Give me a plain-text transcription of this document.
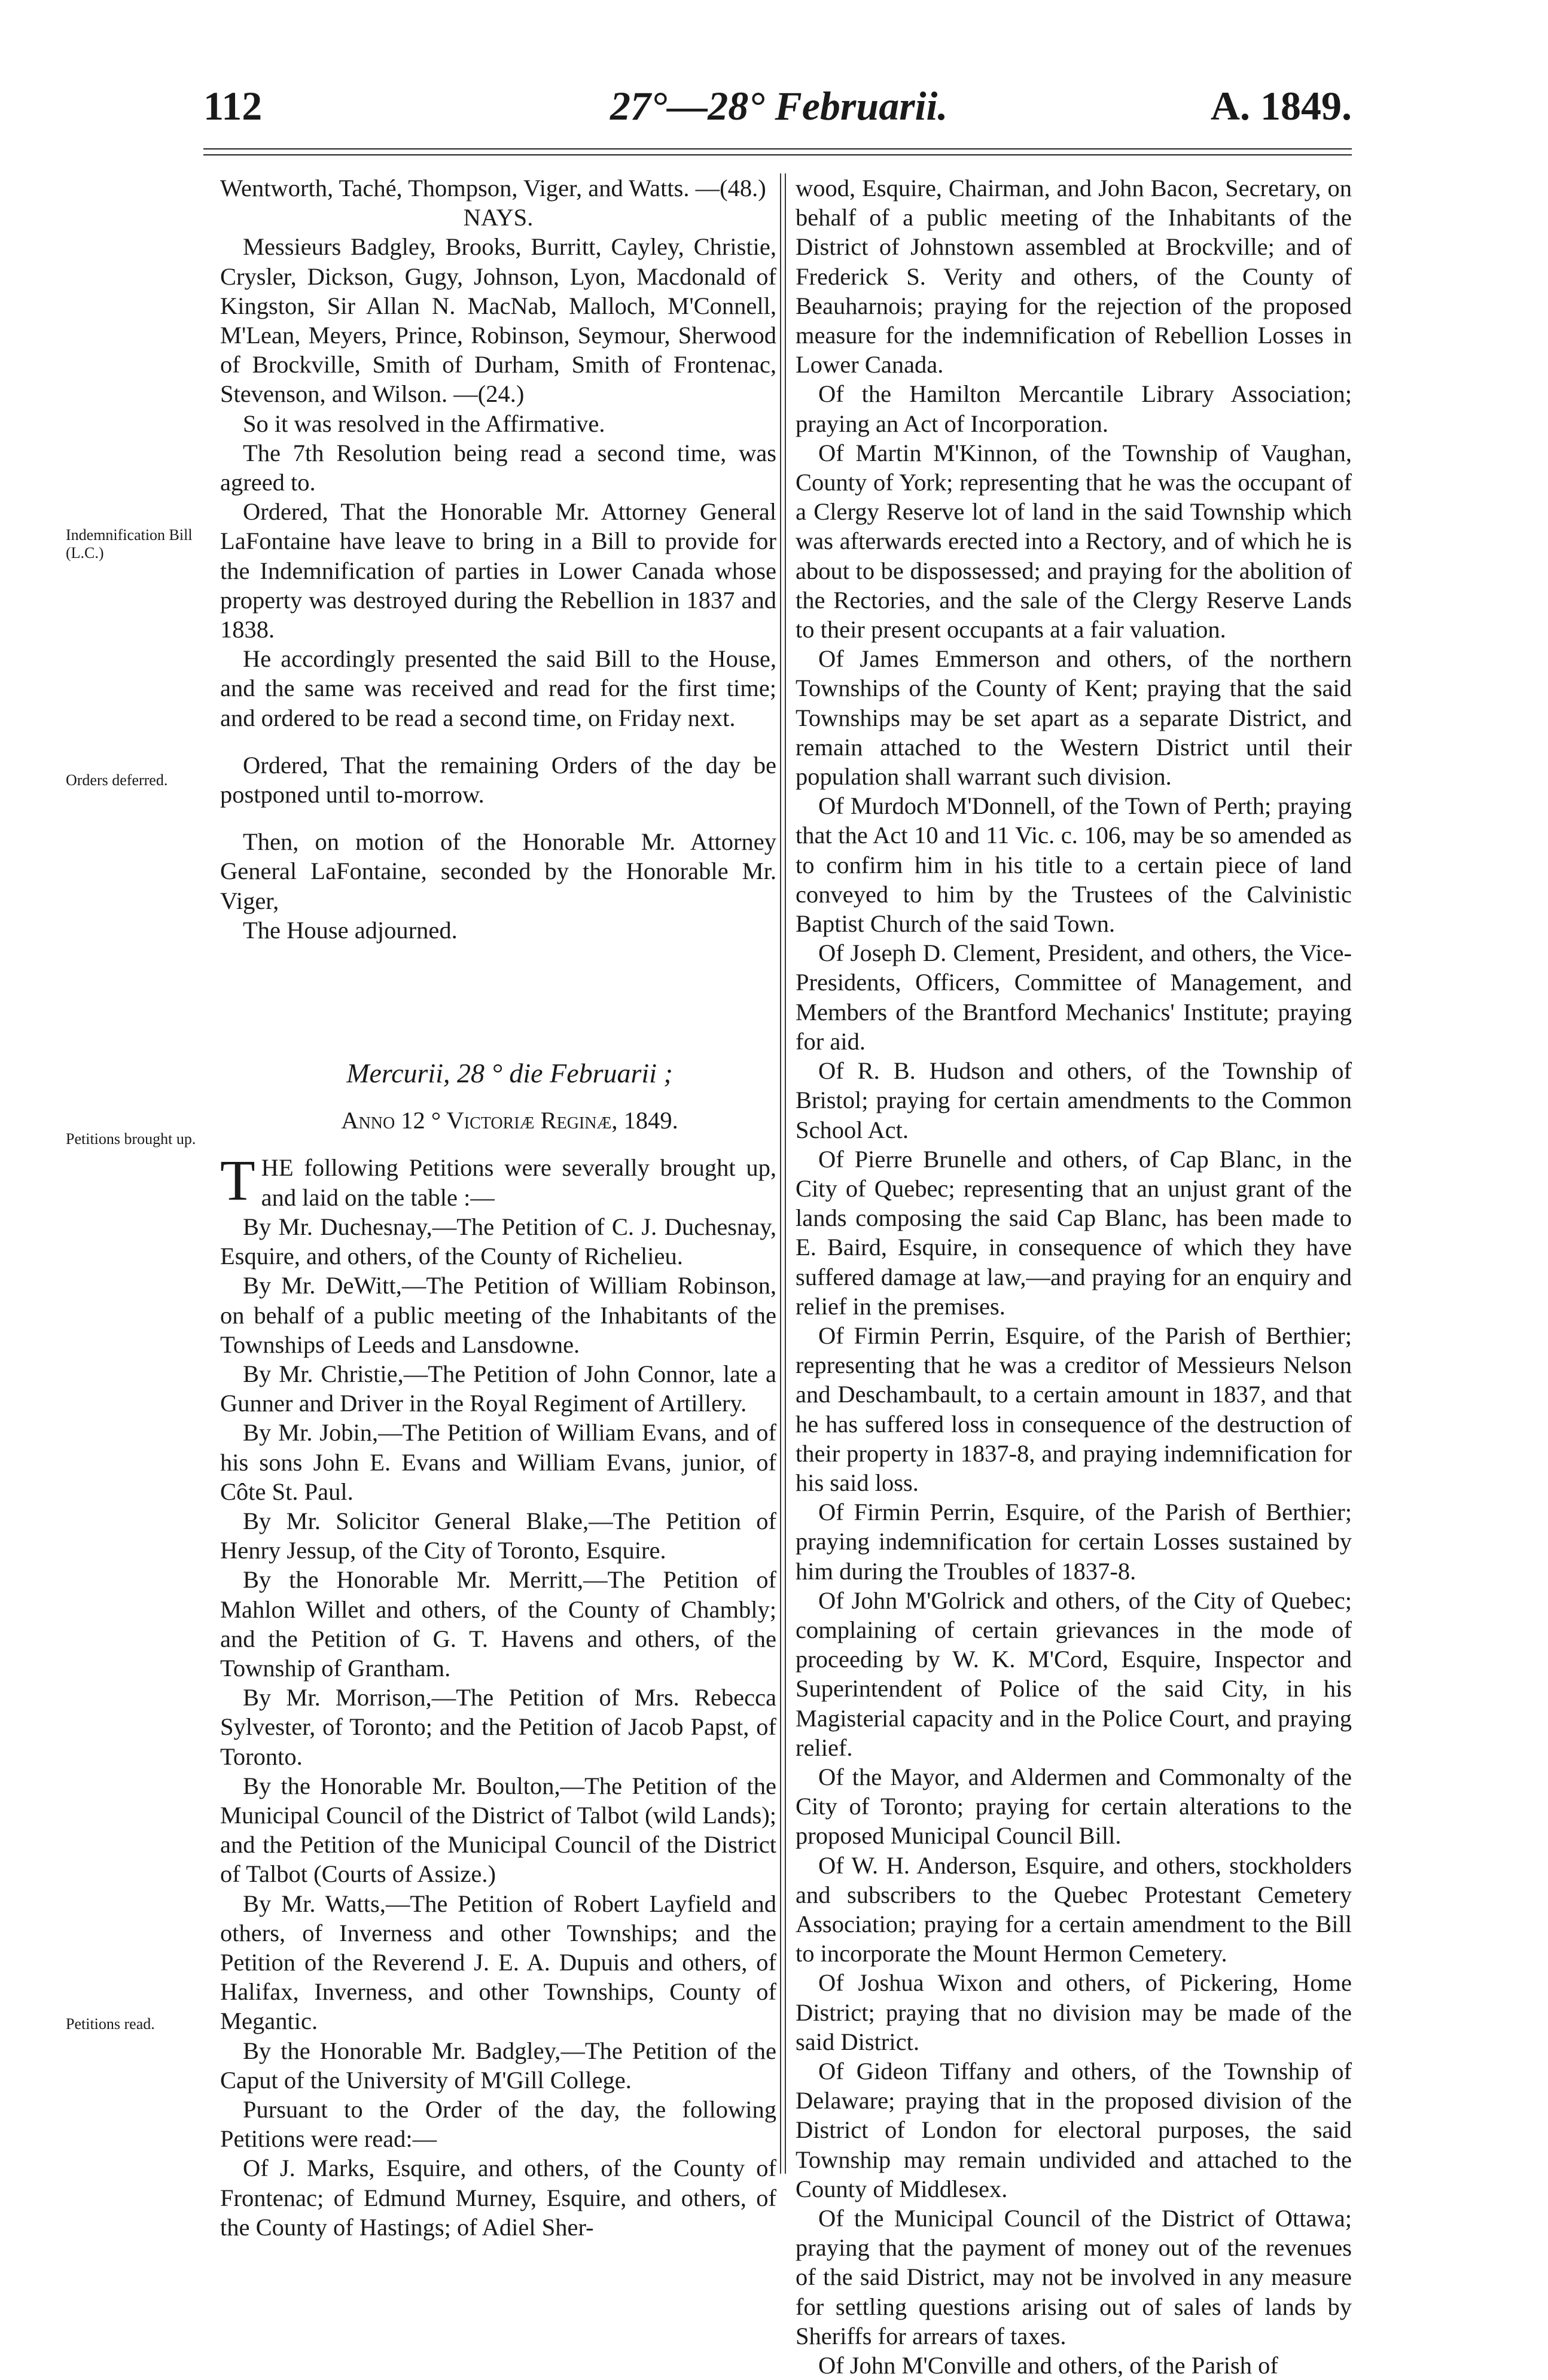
112	27°—28° Februarii.	A. 1849.
Indemnification Bill (L.C.)
Orders deferred.
Petitions brought up.
Petitions read.

Wentworth, Taché, Thompson, Viger, and Watts. —(48.)

NAYS.

Messieurs Badgley, Brooks, Burritt, Cayley, Christie, Crysler, Dickson, Gugy, Johnson, Lyon, Macdonald of Kingston, Sir Allan N. MacNab, Malloch, M'Connell, M'Lean, Meyers, Prince, Robinson, Seymour, Sherwood of Brockville, Smith of Durham, Smith of Frontenac, Stevenson, and Wilson. —(24.)

So it was resolved in the Affirmative.

The 7th Resolution being read a second time, was agreed to.

Ordered, That the Honorable Mr. Attorney General LaFontaine have leave to bring in a Bill to provide for the Indemnification of parties in Lower Canada whose property was destroyed during the Rebellion in 1837 and 1838.

He accordingly presented the said Bill to the House, and the same was received and read for the first time; and ordered to be read a second time, on Friday next.

Ordered, That the remaining Orders of the day be postponed until to-morrow.

Then, on motion of the Honorable Mr. Attorney General LaFontaine, seconded by the Honorable Mr. Viger,

The House adjourned.

Mercurii, 28 ° die Februarii ;

Anno 12 ° Victoriæ Reginæ, 1849.

THE following Petitions were severally brought up, and laid on the table :—

By Mr. Duchesnay,—The Petition of C. J. Duchesnay, Esquire, and others, of the County of Richelieu.

By Mr. DeWitt,—The Petition of William Robinson, on behalf of a public meeting of the Inhabitants of the Townships of Leeds and Lansdowne.

By Mr. Christie,—The Petition of John Connor, late a Gunner and Driver in the Royal Regiment of Artillery.

By Mr. Jobin,—The Petition of William Evans, and of his sons John E. Evans and William Evans, junior, of Côte St. Paul.

By Mr. Solicitor General Blake,—The Petition of Henry Jessup, of the City of Toronto, Esquire.

By the Honorable Mr. Merritt,—The Petition of Mahlon Willet and others, of the County of Chambly; and the Petition of G. T. Havens and others, of the Township of Grantham.

By Mr. Morrison,—The Petition of Mrs. Rebecca Sylvester, of Toronto; and the Petition of Jacob Papst, of Toronto.

By the Honorable Mr. Boulton,—The Petition of the Municipal Council of the District of Talbot (wild Lands); and the Petition of the Municipal Council of the District of Talbot (Courts of Assize.)

By Mr. Watts,—The Petition of Robert Layfield and others, of Inverness and other Townships; and the Petition of the Reverend J. E. A. Dupuis and others, of Halifax, Inverness, and other Townships, County of Megantic.

By the Honorable Mr. Badgley,—The Petition of the Caput of the University of M'Gill College.

Pursuant to the Order of the day, the following Petitions were read:—

Of J. Marks, Esquire, and others, of the County of Frontenac; of Edmund Murney, Esquire, and others, of the County of Hastings; of Adiel Sher-

wood, Esquire, Chairman, and John Bacon, Secretary, on behalf of a public meeting of the Inhabitants of the District of Johnstown assembled at Brockville; and of Frederick S. Verity and others, of the County of Beauharnois; praying for the rejection of the proposed measure for the indemnification of Rebellion Losses in Lower Canada.

Of the Hamilton Mercantile Library Association; praying an Act of Incorporation.

Of Martin M'Kinnon, of the Township of Vaughan, County of York; representing that he was the occupant of a Clergy Reserve lot of land in the said Township which was afterwards erected into a Rectory, and of which he is about to be dispossessed; and praying for the abolition of the Rectories, and the sale of the Clergy Reserve Lands to their present occupants at a fair valuation.

Of James Emmerson and others, of the northern Townships of the County of Kent; praying that the said Townships may be set apart as a separate District, and remain attached to the Western District until their population shall warrant such division.

Of Murdoch M'Donnell, of the Town of Perth; praying that the Act 10 and 11 Vic. c. 106, may be so amended as to confirm him in his title to a certain piece of land conveyed to him by the Trustees of the Calvinistic Baptist Church of the said Town.

Of Joseph D. Clement, President, and others, the Vice-Presidents, Officers, Committee of Management, and Members of the Brantford Mechanics' Institute; praying for aid.

Of R. B. Hudson and others, of the Township of Bristol; praying for certain amendments to the Common School Act.

Of Pierre Brunelle and others, of Cap Blanc, in the City of Quebec; representing that an unjust grant of the lands composing the said Cap Blanc, has been made to E. Baird, Esquire, in consequence of which they have suffered damage at law,—and praying for an enquiry and relief in the premises.

Of Firmin Perrin, Esquire, of the Parish of Berthier; representing that he was a creditor of Messieurs Nelson and Deschambault, to a certain amount in 1837, and that he has suffered loss in consequence of the destruction of their property in 1837-8, and praying indemnification for his said loss.

Of Firmin Perrin, Esquire, of the Parish of Berthier; praying indemnification for certain Losses sustained by him during the Troubles of 1837-8.

Of John M'Golrick and others, of the City of Quebec; complaining of certain grievances in the mode of proceeding by W. K. M'Cord, Esquire, Inspector and Superintendent of Police of the said City, in his Magisterial capacity and in the Police Court, and praying relief.

Of the Mayor, and Aldermen and Commonalty of the City of Toronto; praying for certain alterations to the proposed Municipal Council Bill.

Of W. H. Anderson, Esquire, and others, stockholders and subscribers to the Quebec Protestant Cemetery Association; praying for a certain amendment to the Bill to incorporate the Mount Hermon Cemetery.

Of Joshua Wixon and others, of Pickering, Home District; praying that no division may be made of the said District.

Of Gideon Tiffany and others, of the Township of Delaware; praying that in the proposed division of the District of London for electoral purposes, the said Township may remain undivided and attached to the County of Middlesex.

Of the Municipal Council of the District of Ottawa; praying that the payment of money out of the revenues of the said District, may not be involved in any measure for settling questions arising out of sales of lands by Sheriffs for arrears of taxes.

Of John M'Conville and others, of the Parish of
